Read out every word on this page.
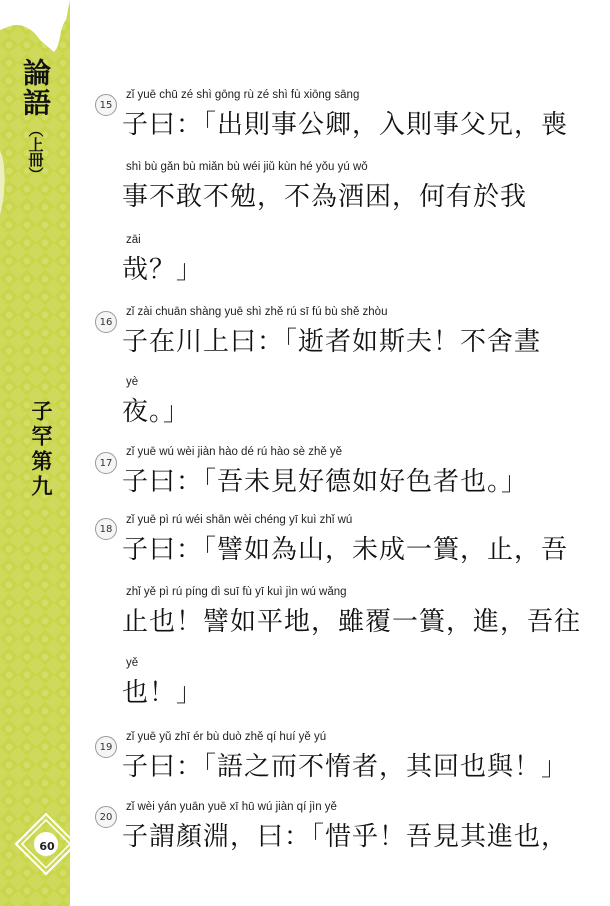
論語
（上冊）
子罕第九
60
15
zǐ yuē chū zé shì gōng rù zé shì fù xiōng sāng
子曰：「出則事公卿，入則事父兄，喪
shì bù gǎn bù miǎn bù wéi jiǔ kùn hé yǒu yú wǒ
事不敢不勉，不為酒困，何有於我
zāi
哉？」
16
zǐ zài chuān shàng yuē shì zhě rú sī fú bù shě zhòu
子在川上曰：「逝者如斯夫！不舍晝
yè
夜。」
17
zǐ yuē wú wèi jiàn hào dé rú hào sè zhě yě
子曰：「吾未見好德如好色者也。」
18
zǐ yuē pì rú wéi shān wèi chéng yī kuì zhǐ wú
子曰：「譬如為山，未成一簣，止，吾
zhǐ yě pì rú píng dì suī fù yī kuì jìn wú wǎng
止也！譬如平地，雖覆一簣，進，吾往
yě
也！」
19
zǐ yuē yǔ zhī ér bù duò zhě qí huí yě yú
子曰：「語之而不惰者，其回也與！」
20
zǐ wèi yán yuān yuē xī hū wú jiàn qí jìn yě
子謂顏淵，曰：「惜乎！吾見其進也，
